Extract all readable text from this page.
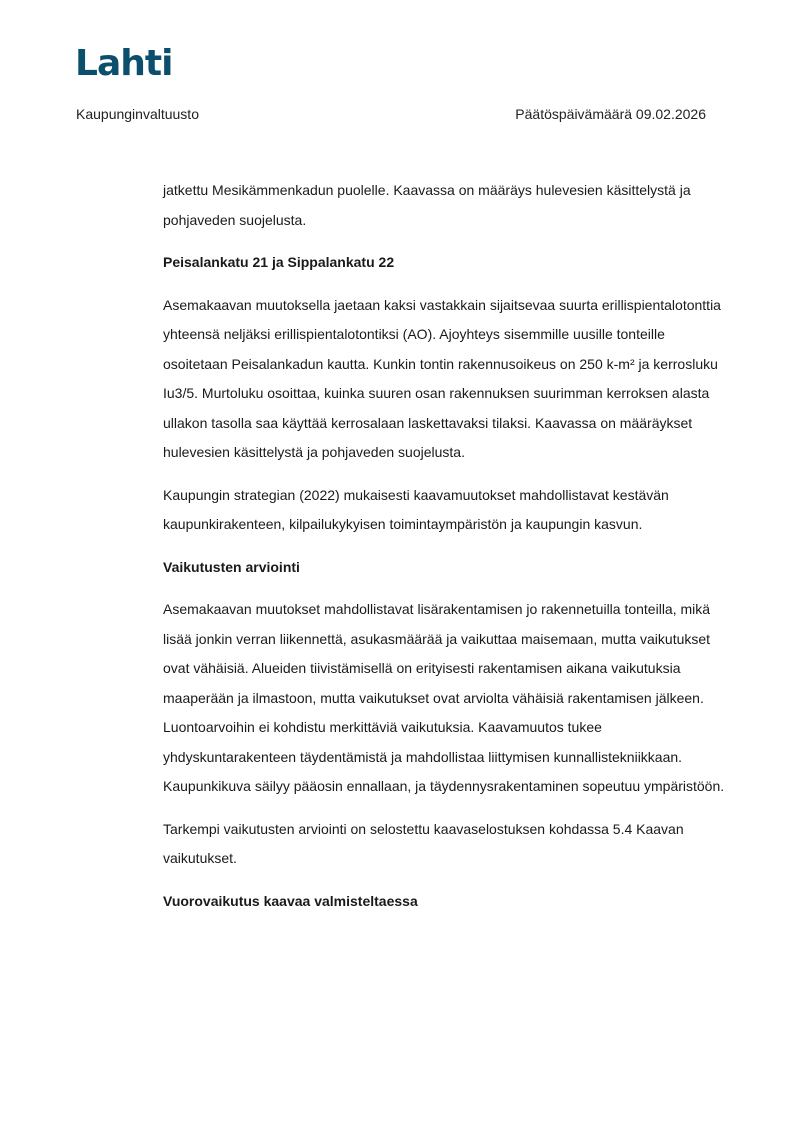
Lahti
Kaupunginvaltuusto	Päätöspäivämäärä 09.02.2026

jatkettu Mesikämmenkadun puolelle. Kaavassa on määräys hulevesien käsittelystä ja pohjaveden suojelusta.

Peisalankatu 21 ja Sippalankatu 22

Asemakaavan muutoksella jaetaan kaksi vastakkain sijaitsevaa suurta erillispientalotonttia yhteensä neljäksi erillispientalotontiksi (AO). Ajoyhteys sisemmille uusille tonteille osoitetaan Peisalankadun kautta. Kunkin tontin rakennusoikeus on 250 k-m² ja kerrosluku Iu3/5. Murtoluku osoittaa, kuinka suuren osan rakennuksen suurimman kerroksen alasta ullakon tasolla saa käyttää kerrosalaan laskettavaksi tilaksi. Kaavassa on määräykset hulevesien käsittelystä ja pohjaveden suojelusta.

Kaupungin strategian (2022) mukaisesti kaavamuutokset mahdollistavat kestävän kaupunkirakenteen, kilpailukykyisen toimintaympäristön ja kaupungin kasvun.

Vaikutusten arviointi

Asemakaavan muutokset mahdollistavat lisärakentamisen jo rakennetuilla tonteilla, mikä lisää jonkin verran liikennettä, asukasmäärää ja vaikuttaa maisemaan, mutta vaikutukset ovat vähäisiä. Alueiden tiivistämisellä on erityisesti rakentamisen aikana vaikutuksia maaperään ja ilmastoon, mutta vaikutukset ovat arviolta vähäisiä rakentamisen jälkeen. Luontoarvoihin ei kohdistu merkittäviä vaikutuksia. Kaavamuutos tukee yhdyskuntarakenteen täydentämistä ja mahdollistaa liittymisen kunnallistekniikkaan. Kaupunkikuva säilyy pääosin ennallaan, ja täydennysrakentaminen sopeutuu ympäristöön.

Tarkempi vaikutusten arviointi on selostettu kaavaselostuksen kohdassa 5.4 Kaavan vaikutukset.

Vuorovaikutus kaavaa valmisteltaessa
